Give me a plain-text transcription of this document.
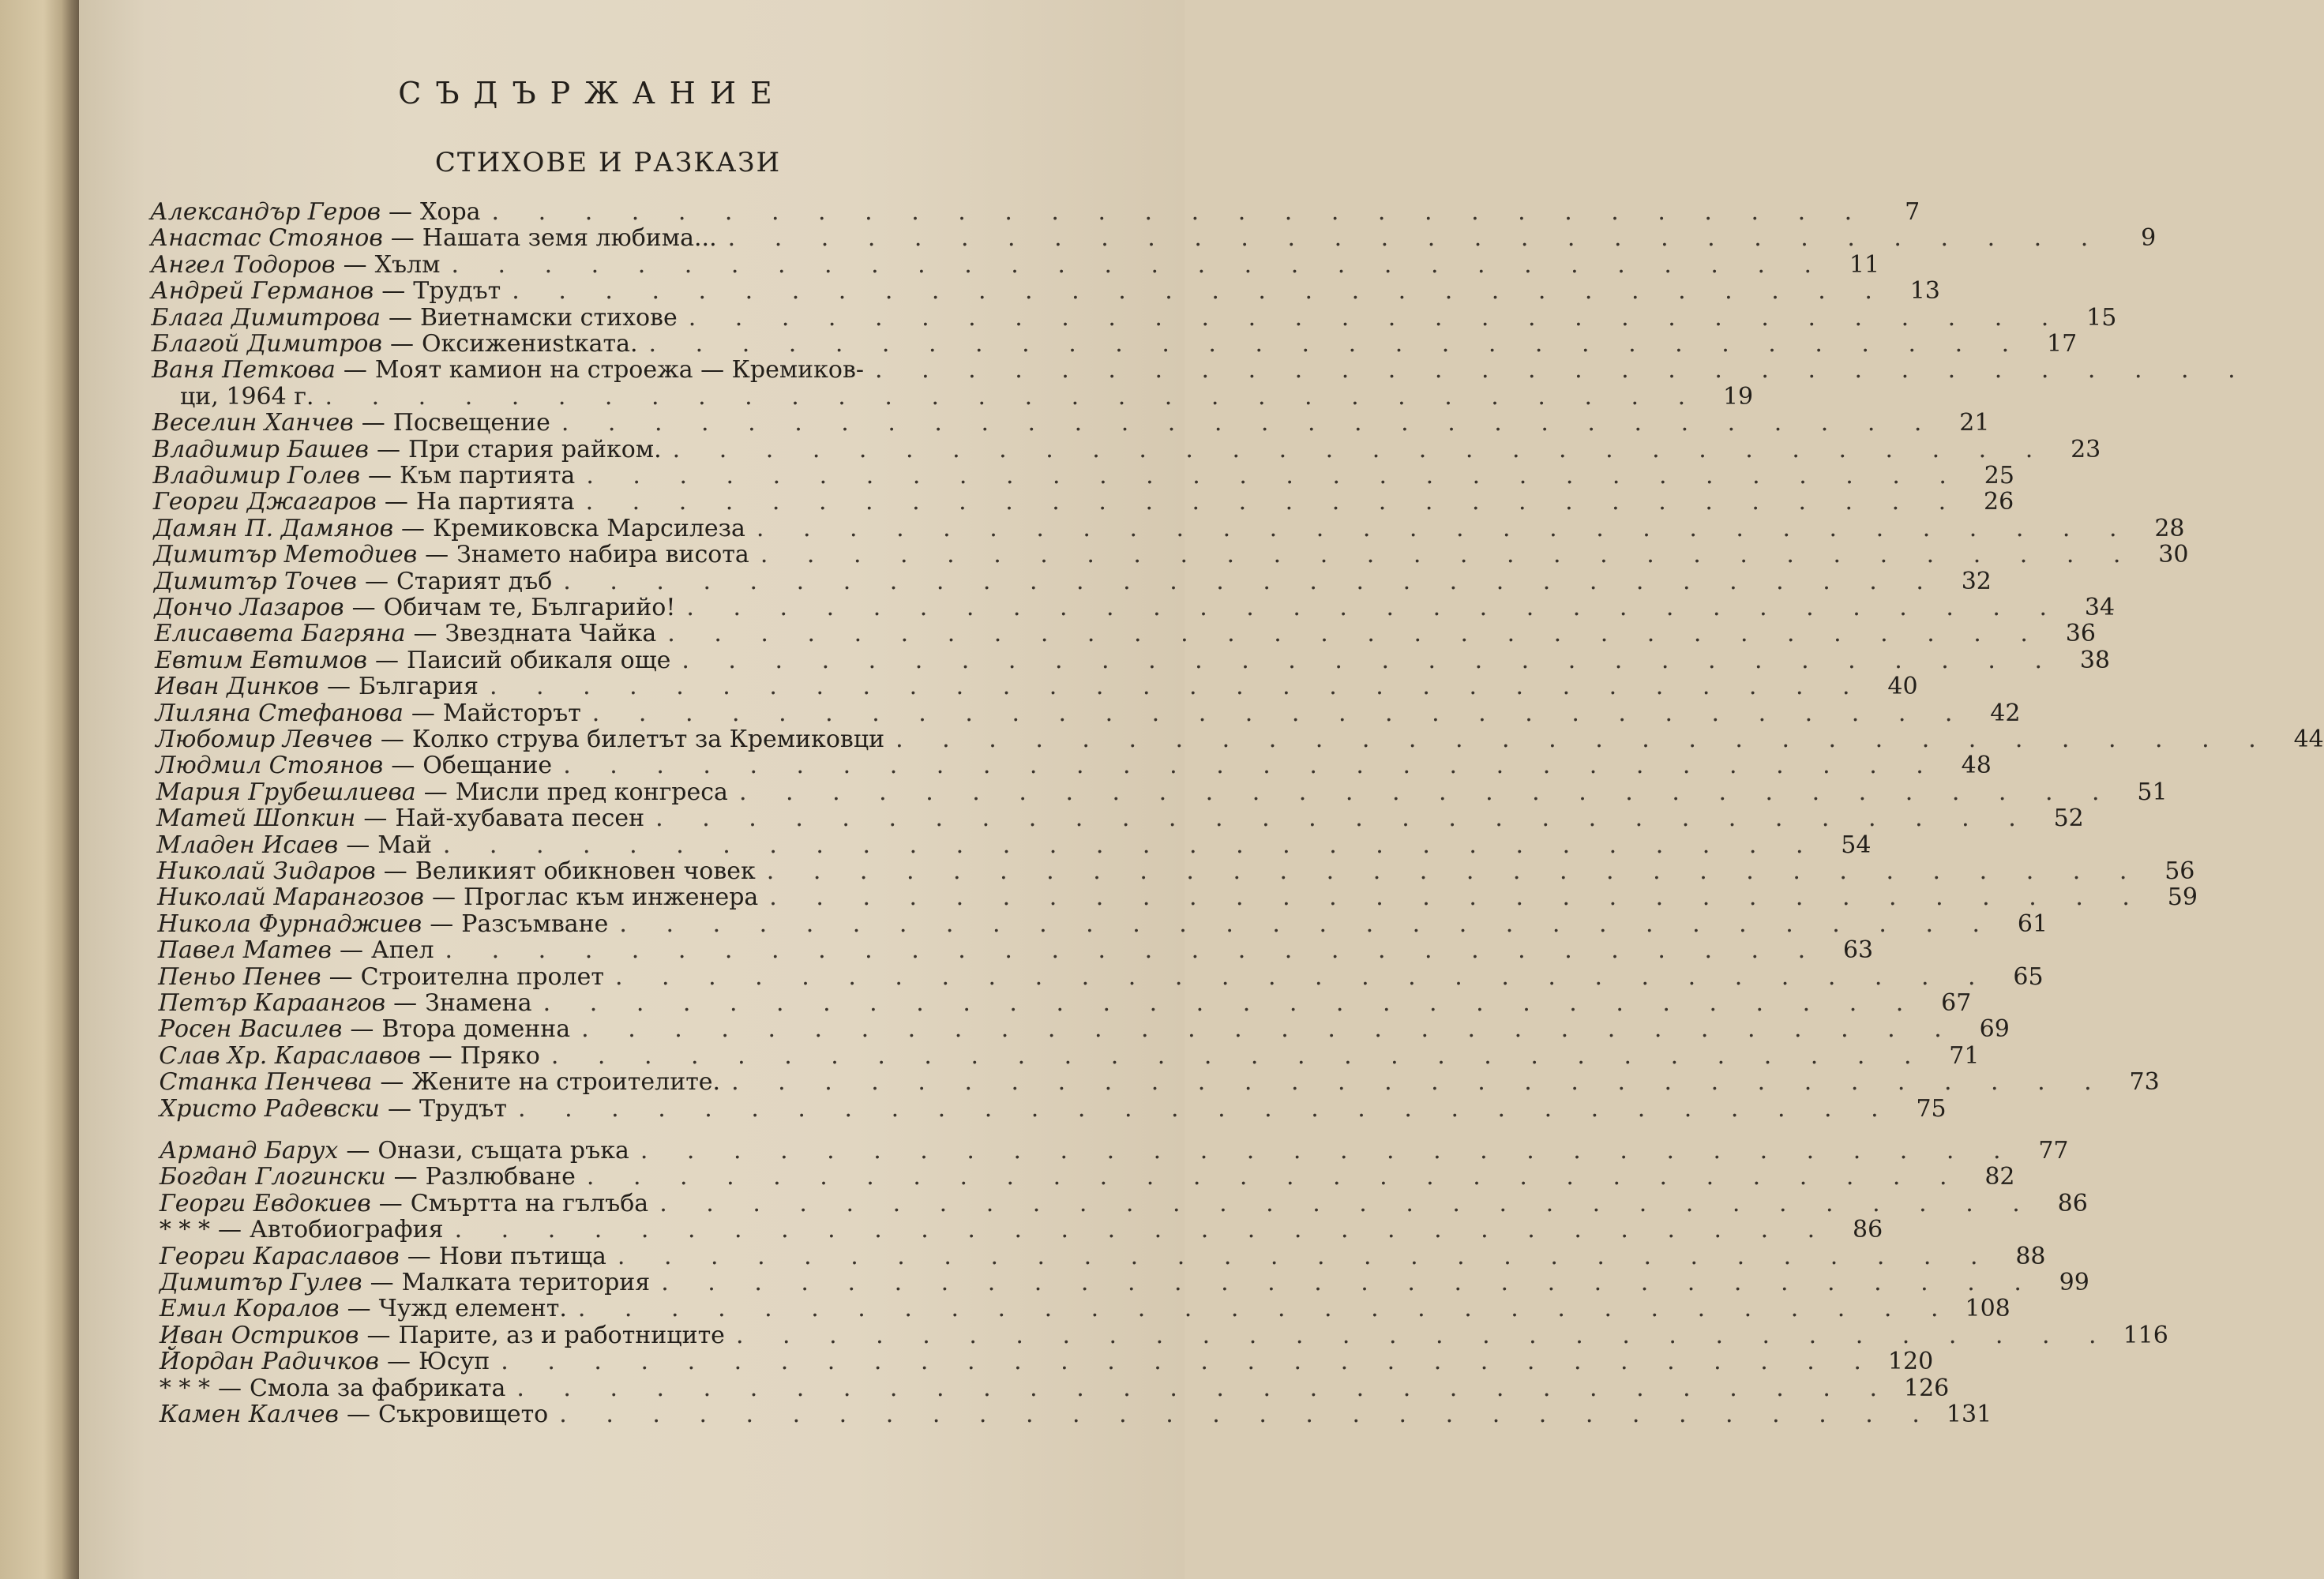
СЪДЪРЖАНИЕ
СТИХОВЕ И РАЗКАЗИ
Александър Геров — Хора . . . . . . . . . . . . . . . . . . . . . . . . . . . . . .	7
Анастас Стоянов — Нашата земя любима... . . . . . . . . . . . . . . . . . . . . . . . . . . . . . .	9
Ангел Тодоров — Хълм . . . . . . . . . . . . . . . . . . . . . . . . . . . . . . 11
Андрей Германов — Трудът . . . . . . . . . . . . . . . . . . . . . . . . . . . . . . 13
Блага Димитрова — Виетнамски стихове . . . . . . . . . . . . . . . . . . . . . . . . . . . . . . 15
Благой Димитров — Оксижениstката. . . . . . . . . . . . . . . . . . . . . . . . . . . . . . . 17
Ваня Петкова — Моят камион на строежа — Кремиков- . . . . . . . . . . . . . . . . . . . . . . . . . . . . . .
ци, 1964 г. . . . . . . . . . . . . . . . . . . . . . . . . . . . . . . 19
Веселин Ханчев — Посвещение . . . . . . . . . . . . . . . . . . . . . . . . . . . . . . 21
Владимир Башев — При стария райком. . . . . . . . . . . . . . . . . . . . . . . . . . . . . . . 23
Владимир Голев — Към партията . . . . . . . . . . . . . . . . . . . . . . . . . . . . . . 25
Георги Джагаров — На партията . . . . . . . . . . . . . . . . . . . . . . . . . . . . . . 26
Дамян П. Дамянов — Кремиковска Марсилеза . . . . . . . . . . . . . . . . . . . . . . . . . . . . . . 28
Димитър Методиев — Знамето набира висота . . . . . . . . . . . . . . . . . . . . . . . . . . . . . . 30
Димитър Точев — Старият дъб . . . . . . . . . . . . . . . . . . . . . . . . . . . . . . 32
Дончо Лазаров — Обичам те, Българийо! . . . . . . . . . . . . . . . . . . . . . . . . . . . . . . 34
Елисавета Багряна — Звездната Чайка . . . . . . . . . . . . . . . . . . . . . . . . . . . . . . 36
Евтим Евтимов — Паисий обикаля още . . . . . . . . . . . . . . . . . . . . . . . . . . . . . . 38
Иван Динков — България . . . . . . . . . . . . . . . . . . . . . . . . . . . . . . 40
Лиляна Стефанова — Майсторът . . . . . . . . . . . . . . . . . . . . . . . . . . . . . . 42
Любомир Левчев — Колко струва билетът за Кремиковци . . . . . . . . . . . . . . . . . . . . . . . . . . . . . . 44
Людмил Стоянов — Обещание . . . . . . . . . . . . . . . . . . . . . . . . . . . . . . 48
Мария Грубешлиева — Мисли пред конгреса . . . . . . . . . . . . . . . . . . . . . . . . . . . . . . 51
Матей Шопкин — Най-хубавата песен . . . . . . . . . . . . . . . . . . . . . . . . . . . . . . 52
Младен Исаев — Май . . . . . . . . . . . . . . . . . . . . . . . . . . . . . . 54
Николай Зидаров — Великият обикновен човек . . . . . . . . . . . . . . . . . . . . . . . . . . . . . . 56
Николай Марангозов — Проглас към инженера . . . . . . . . . . . . . . . . . . . . . . . . . . . . . . 59
Никола Фурнаджиев — Разсъмване . . . . . . . . . . . . . . . . . . . . . . . . . . . . . . 61
Павел Матев — Апел . . . . . . . . . . . . . . . . . . . . . . . . . . . . . . 63
Пеньо Пенев — Строителна пролет . . . . . . . . . . . . . . . . . . . . . . . . . . . . . . 65
Петър Караангов — Знамена . . . . . . . . . . . . . . . . . . . . . . . . . . . . . . 67
Росен Василев — Втора доменна . . . . . . . . . . . . . . . . . . . . . . . . . . . . . . 69
Слав Хр. Караславов — Пряко . . . . . . . . . . . . . . . . . . . . . . . . . . . . . . 71
Станка Пенчева — Жените на строителите. . . . . . . . . . . . . . . . . . . . . . . . . . . . . . . 73
Христо Радевски — Трудът . . . . . . . . . . . . . . . . . . . . . . . . . . . . . . 75
Арманд Барух — Онази, същата ръка . . . . . . . . . . . . . . . . . . . . . . . . . . . . . . 77
Богдан Глогински — Разлюбване . . . . . . . . . . . . . . . . . . . . . . . . . . . . . . 82
Георги Евдокиев — Смъртта на гълъба . . . . . . . . . . . . . . . . . . . . . . . . . . . . . . 86
* * * — Автобиография . . . . . . . . . . . . . . . . . . . . . . . . . . . . . . 86
Георги Караславов — Нови пътища . . . . . . . . . . . . . . . . . . . . . . . . . . . . . . 88
Димитър Гулев — Малката територия . . . . . . . . . . . . . . . . . . . . . . . . . . . . . . 99
Емил Коралов — Чужд елемент. . . . . . . . . . . . . . . . . . . . . . . . . . . . . . . 108
Иван Остриков — Парите, аз и работниците . . . . . . . . . . . . . . . . . . . . . . . . . . . . . . 116
Йордан Радичков — Юсуп . . . . . . . . . . . . . . . . . . . . . . . . . . . . . . 120
* * * — Смола за фабриката . . . . . . . . . . . . . . . . . . . . . . . . . . . . . . 126
Камен Калчев — Съкровището . . . . . . . . . . . . . . . . . . . . . . . . . . . . . . 131
